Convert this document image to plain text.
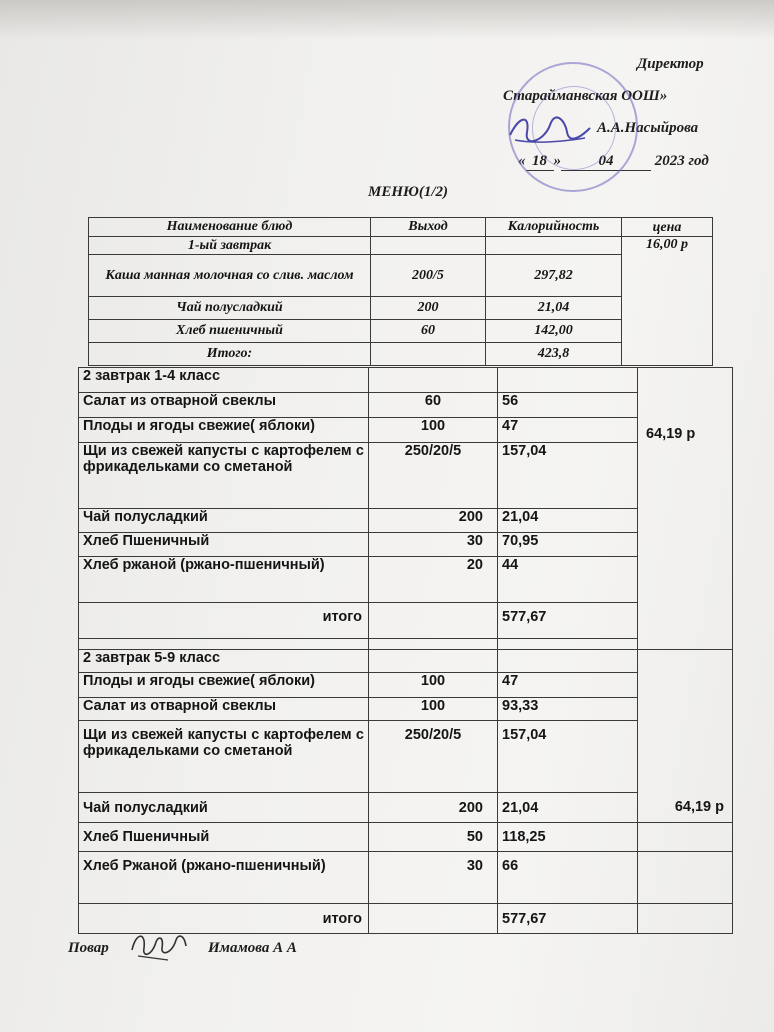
Директор
Старайманвская ООШ»
А.А.Насыйрова
« 18 »	04	2023 год
МЕНЮ(1/2)
Наименование блюд	Выход	Калорийность	цена
1-ый завтрак			16,00 р
Каша манная молочная со слив. маслом	200/5	297,82	
Чай полусладкий	200	21,04	
Хлеб пшеничный	60	142,00	
Итого:		423,8	
2 завтрак 1-4 класс			64,19 р
Салат из отварной свеклы	60	56	
Плоды и ягоды свежие( яблоки)	100	47	
Щи из свежей капусты с картофелем с фрикадельками со сметаной	250/20/5	157,04	
Чай полусладкий	200	21,04	
Хлеб Пшеничный	30	70,95	
Хлеб ржаной (ржано-пшеничный)	20	44	
итого		577,67	

2 завтрак 5-9 класс			
Плоды и ягоды свежие( яблоки)	100	47	
Салат из отварной свеклы	100	93,33	
Щи из свежей капусты с картофелем с фрикадельками со сметаной	250/20/5	157,04	
Чай полусладкий	200	21,04	64,19 р
Хлеб Пшеничный	50	118,25	
Хлеб Ржаной (ржано-пшеничный)	30	66	
итого		577,67	
Повар	Имамова А А
